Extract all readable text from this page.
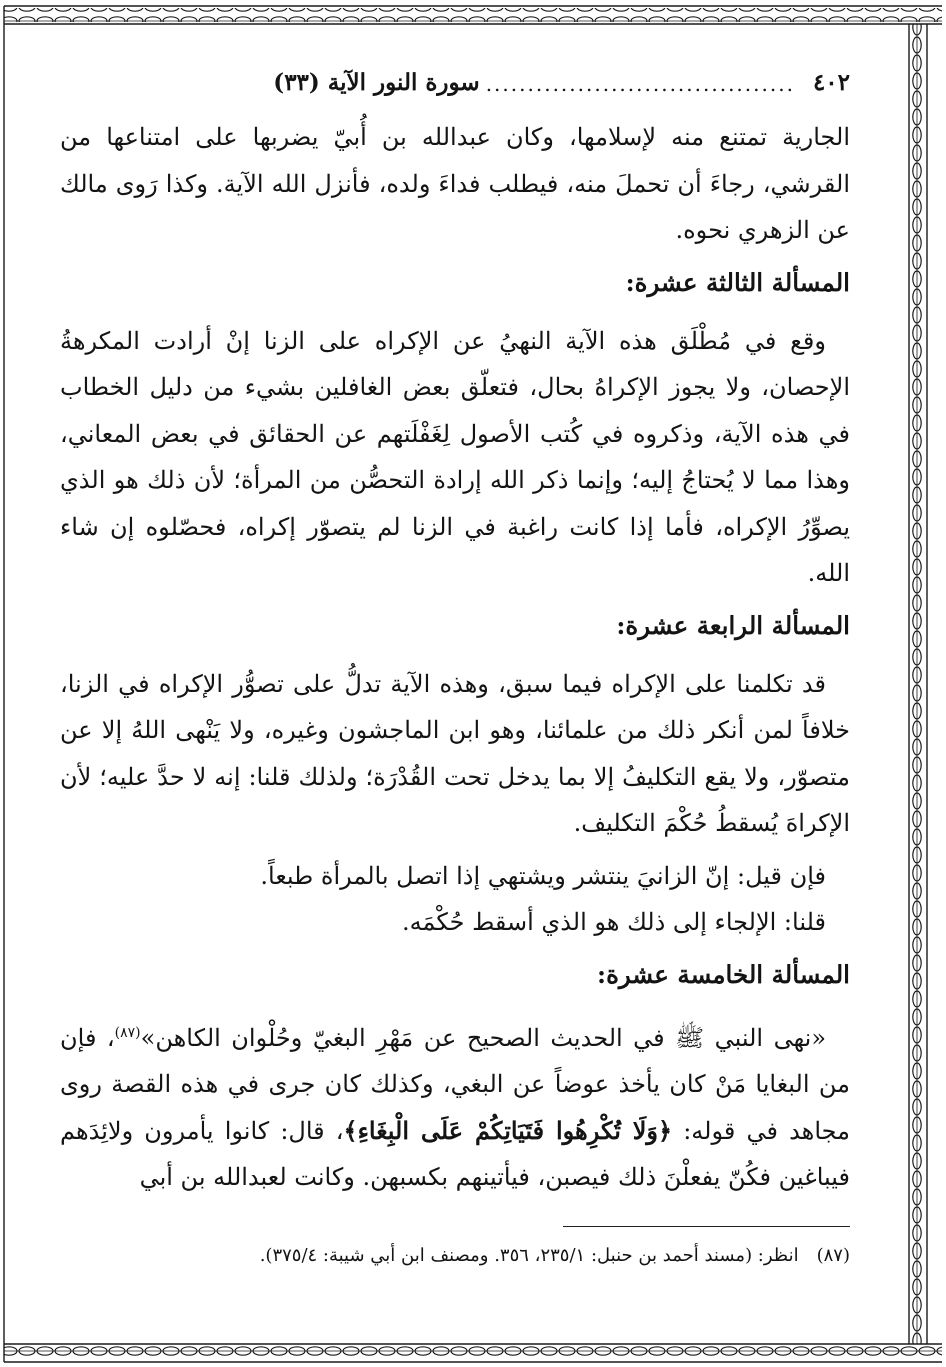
٤٠٢
.....................................
سورة النور الآية (٣٣)

الجارية تمتنع منه لإسلامها، وكان عبدالله بن أُبيّ يضربها على امتناعها من القرشي، رجاءَ أن تحملَ منه، فيطلب فداءَ ولده، فأنزل الله الآية. وكذا رَوى مالك عن الزهري نحوه.

المسألة الثالثة عشرة:

وقع في مُطْلَق هذه الآية النهيُ عن الإكراه على الزنا إنْ أرادت المكرهةُ الإحصان، ولا يجوز الإكراهُ بحال، فتعلّق بعض الغافلين بشيء من دليل الخطاب في هذه الآية، وذكروه في كُتب الأصول لِغَفْلَتهم عن الحقائق في بعض المعاني، وهذا مما لا يُحتاجُ إليه؛ وإنما ذكر الله إرادة التحصُّن من المرأة؛ لأن ذلك هو الذي يصوِّرُ الإكراه، فأما إذا كانت راغبة في الزنا لم يتصوّر إكراه، فحصّلوه إن شاء الله.

المسألة الرابعة عشرة:

قد تكلمنا على الإكراه فيما سبق، وهذه الآية تدلُّ على تصوُّر الإكراه في الزنا، خلافاً لمن أنكر ذلك من علمائنا، وهو ابن الماجشون وغيره، ولا يَنْهى اللهُ إلا عن متصوّر، ولا يقع التكليفُ إلا بما يدخل تحت القُدْرَة؛ ولذلك قلنا: إنه لا حدَّ عليه؛ لأن الإكراهَ يُسقطُ حُكْمَ التكليف.

فإن قيل: إنّ الزانيَ ينتشر ويشتهي إذا اتصل بالمرأة طبعاً.

قلنا: الإلجاء إلى ذلك هو الذي أسقط حُكْمَه.

المسألة الخامسة عشرة:

«نهى النبي ﷺ في الحديث الصحيح عن مَهْرِ البغيّ وحُلْوان الكاهن»$^{(٨٧)}$، فإن من البغايا مَنْ كان يأخذ عوضاً عن البغي، وكذلك كان جرى في هذه القصة روى مجاهد في قوله: ﴿وَلَا تُكْرِهُوا فَتَيَاتِكُمْ عَلَى الْبِغَاءِ﴾، قال: كانوا يأمرون ولائِدَهم فيباغين فكُنّ يفعلْنَ ذلك فيصبن، فيأتينهم بكسبهن. وكانت لعبدالله بن أبي

(٨٧)انظر: (مسند أحمد بن حنبل: ٢٣٥/١، ٣٥٦. ومصنف ابن أبي شيبة: ٣٧٥/٤).
